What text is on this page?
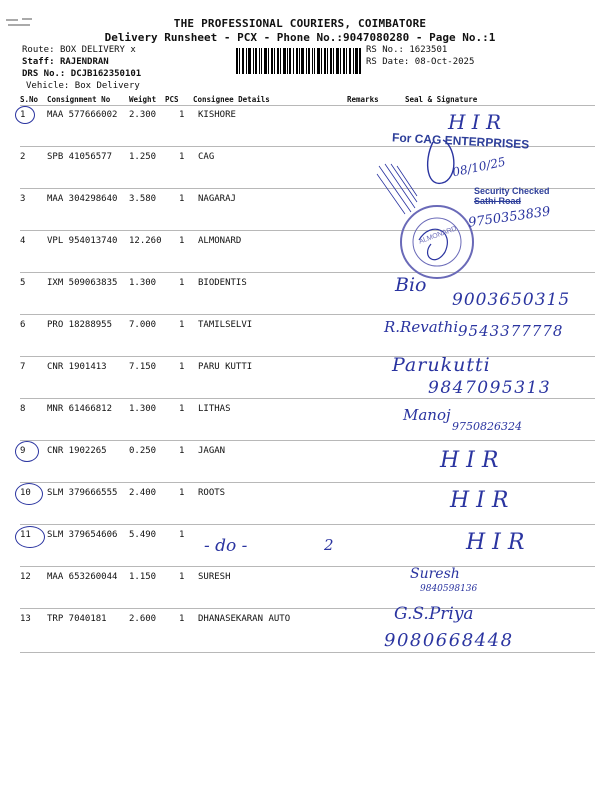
THE PROFESSIONAL COURIERS, COIMBATORE
Delivery Runsheet - PCX - Phone No.:9047080280 - Page No.:1
Route: BOX DELIVERY x
Staff: RAJENDRAN
DRS No.: DCJB162350101
Vehicle: Box Delivery
RS No.: 1623501
RS Date: 08-Oct-2025
S.No Consignment No	Weight PCS Consignee Details	Remarks	Seal & Signature
1 MAA 577666002 2.300	1 KISHORE
2 SPB 41056577 1.250	1 CAG
3 MAA 304298640 3.580	1 NAGARAJ
4 VPL 954013740 12.260 1 ALMONARD
5 IXM 509063835 1.300	1 BIODENTIS
6 PRO 18288955 7.000	1 TAMILSELVI
7 CNR 1901413 7.150	1 PARU KUTTI
8 MNR 61466812 1.300	1 LITHAS
9 CNR 1902265 0.250	1 JAGAN
10 SLM 379666555 2.400	1 ROOTS
11 SLM 379654606 5.490	1
12 MAA 653260044 1.150	1 SURESH
13 TRP 7040181 2.600	1 DHANASEKARAN AUTO
For CAG ENTERPRISES
H I R
08/10/25
Security Checked
Sathi Road
ALMONARD
9750353839
Bio
9003650315
R.Revathi 9543377778
Parukutti
9847095313
Manoj
9750826324
H I R
H I R
H I R
- do -	2
Suresh
9840598136
G.S.Priya
9080668448
